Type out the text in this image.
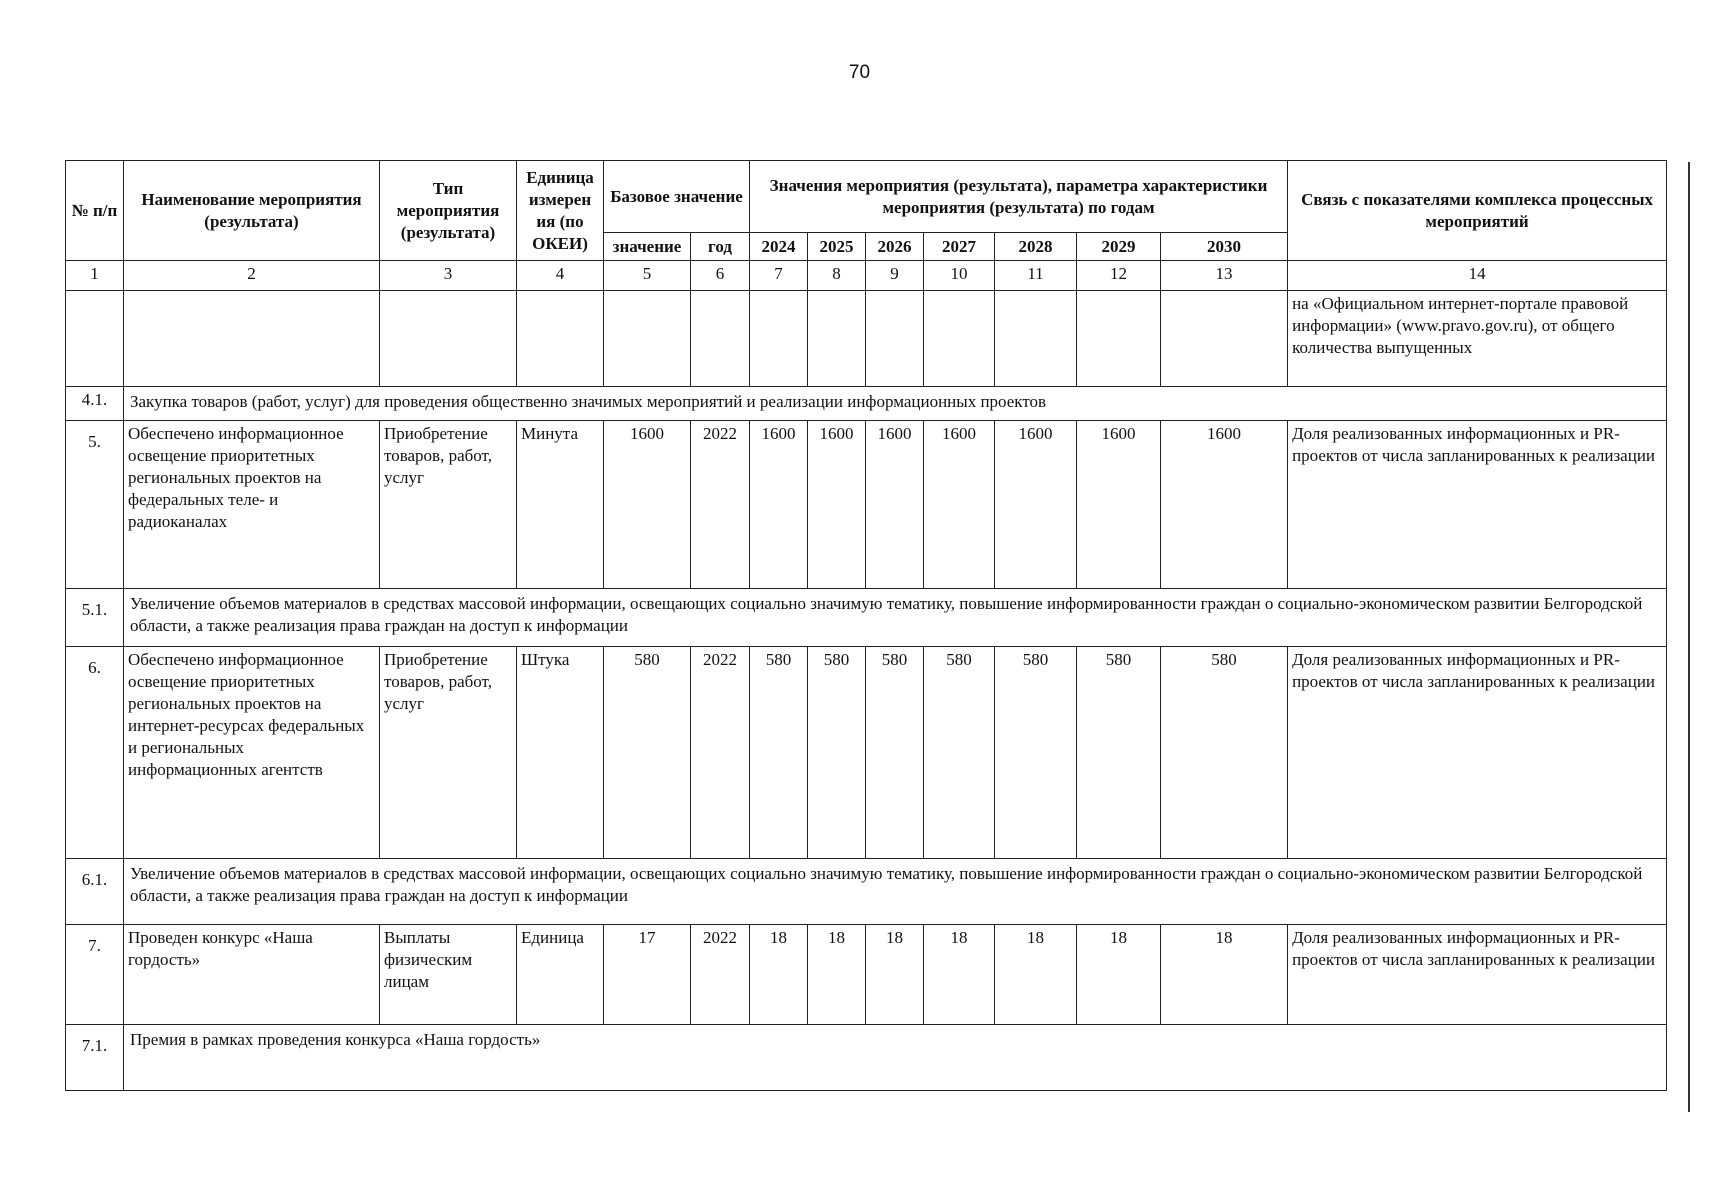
70
№ п/п	Наименование мероприятия (результата)	Тип мероприятия (результата)	Единица измерен ия (по ОКЕИ)	Базовое значение		Значения мероприятия (результата), параметра характеристики мероприятия (результата) по годам							Связь с показателями комплекса процессных мероприятий
				значение	год	2024	2025	2026	2027	2028	2029	2030	
1	2	3	4	5	6	7	8	9	10	11	12	13	14
													на «Официальном интернет-портале правовой информации» (www.pravo.gov.ru), от общего количества выпущенных
4.1.	Закупка товаров (работ, услуг) для проведения общественно значимых мероприятий и реализации информационных проектов												
5.	Обеспечено информационное освещение приоритетных региональных проектов на федеральных теле- и радиоканалах	Приобретение товаров, работ, услуг	Минута	1600	2022	1600	1600	1600	1600	1600	1600	1600	Доля реализованных информационных и PR-проектов от числа запланированных к реализации
5.1.	Увеличение объемов материалов в средствах массовой информации, освещающих социально значимую тематику, повышение информированности граждан о социально-экономическом развитии Белгородской области, а также реализация права граждан на доступ к информации												
6.	Обеспечено информационное освещение приоритетных региональных проектов на интернет-ресурсах федеральных и региональных информационных агентств	Приобретение товаров, работ, услуг	Штука	580	2022	580	580	580	580	580	580	580	Доля реализованных информационных и PR-проектов от числа запланированных к реализации
6.1.	Увеличение объемов материалов в средствах массовой информации, освещающих социально значимую тематику, повышение информированности граждан о социально-экономическом развитии Белгородской области, а также реализация права граждан на доступ к информации												
7.	Проведен конкурс «Наша гордость»	Выплаты физическим лицам	Единица	17	2022	18	18	18	18	18	18	18	Доля реализованных информационных и PR-проектов от числа запланированных к реализации
7.1.	Премия в рамках проведения конкурса «Наша гордость»												
